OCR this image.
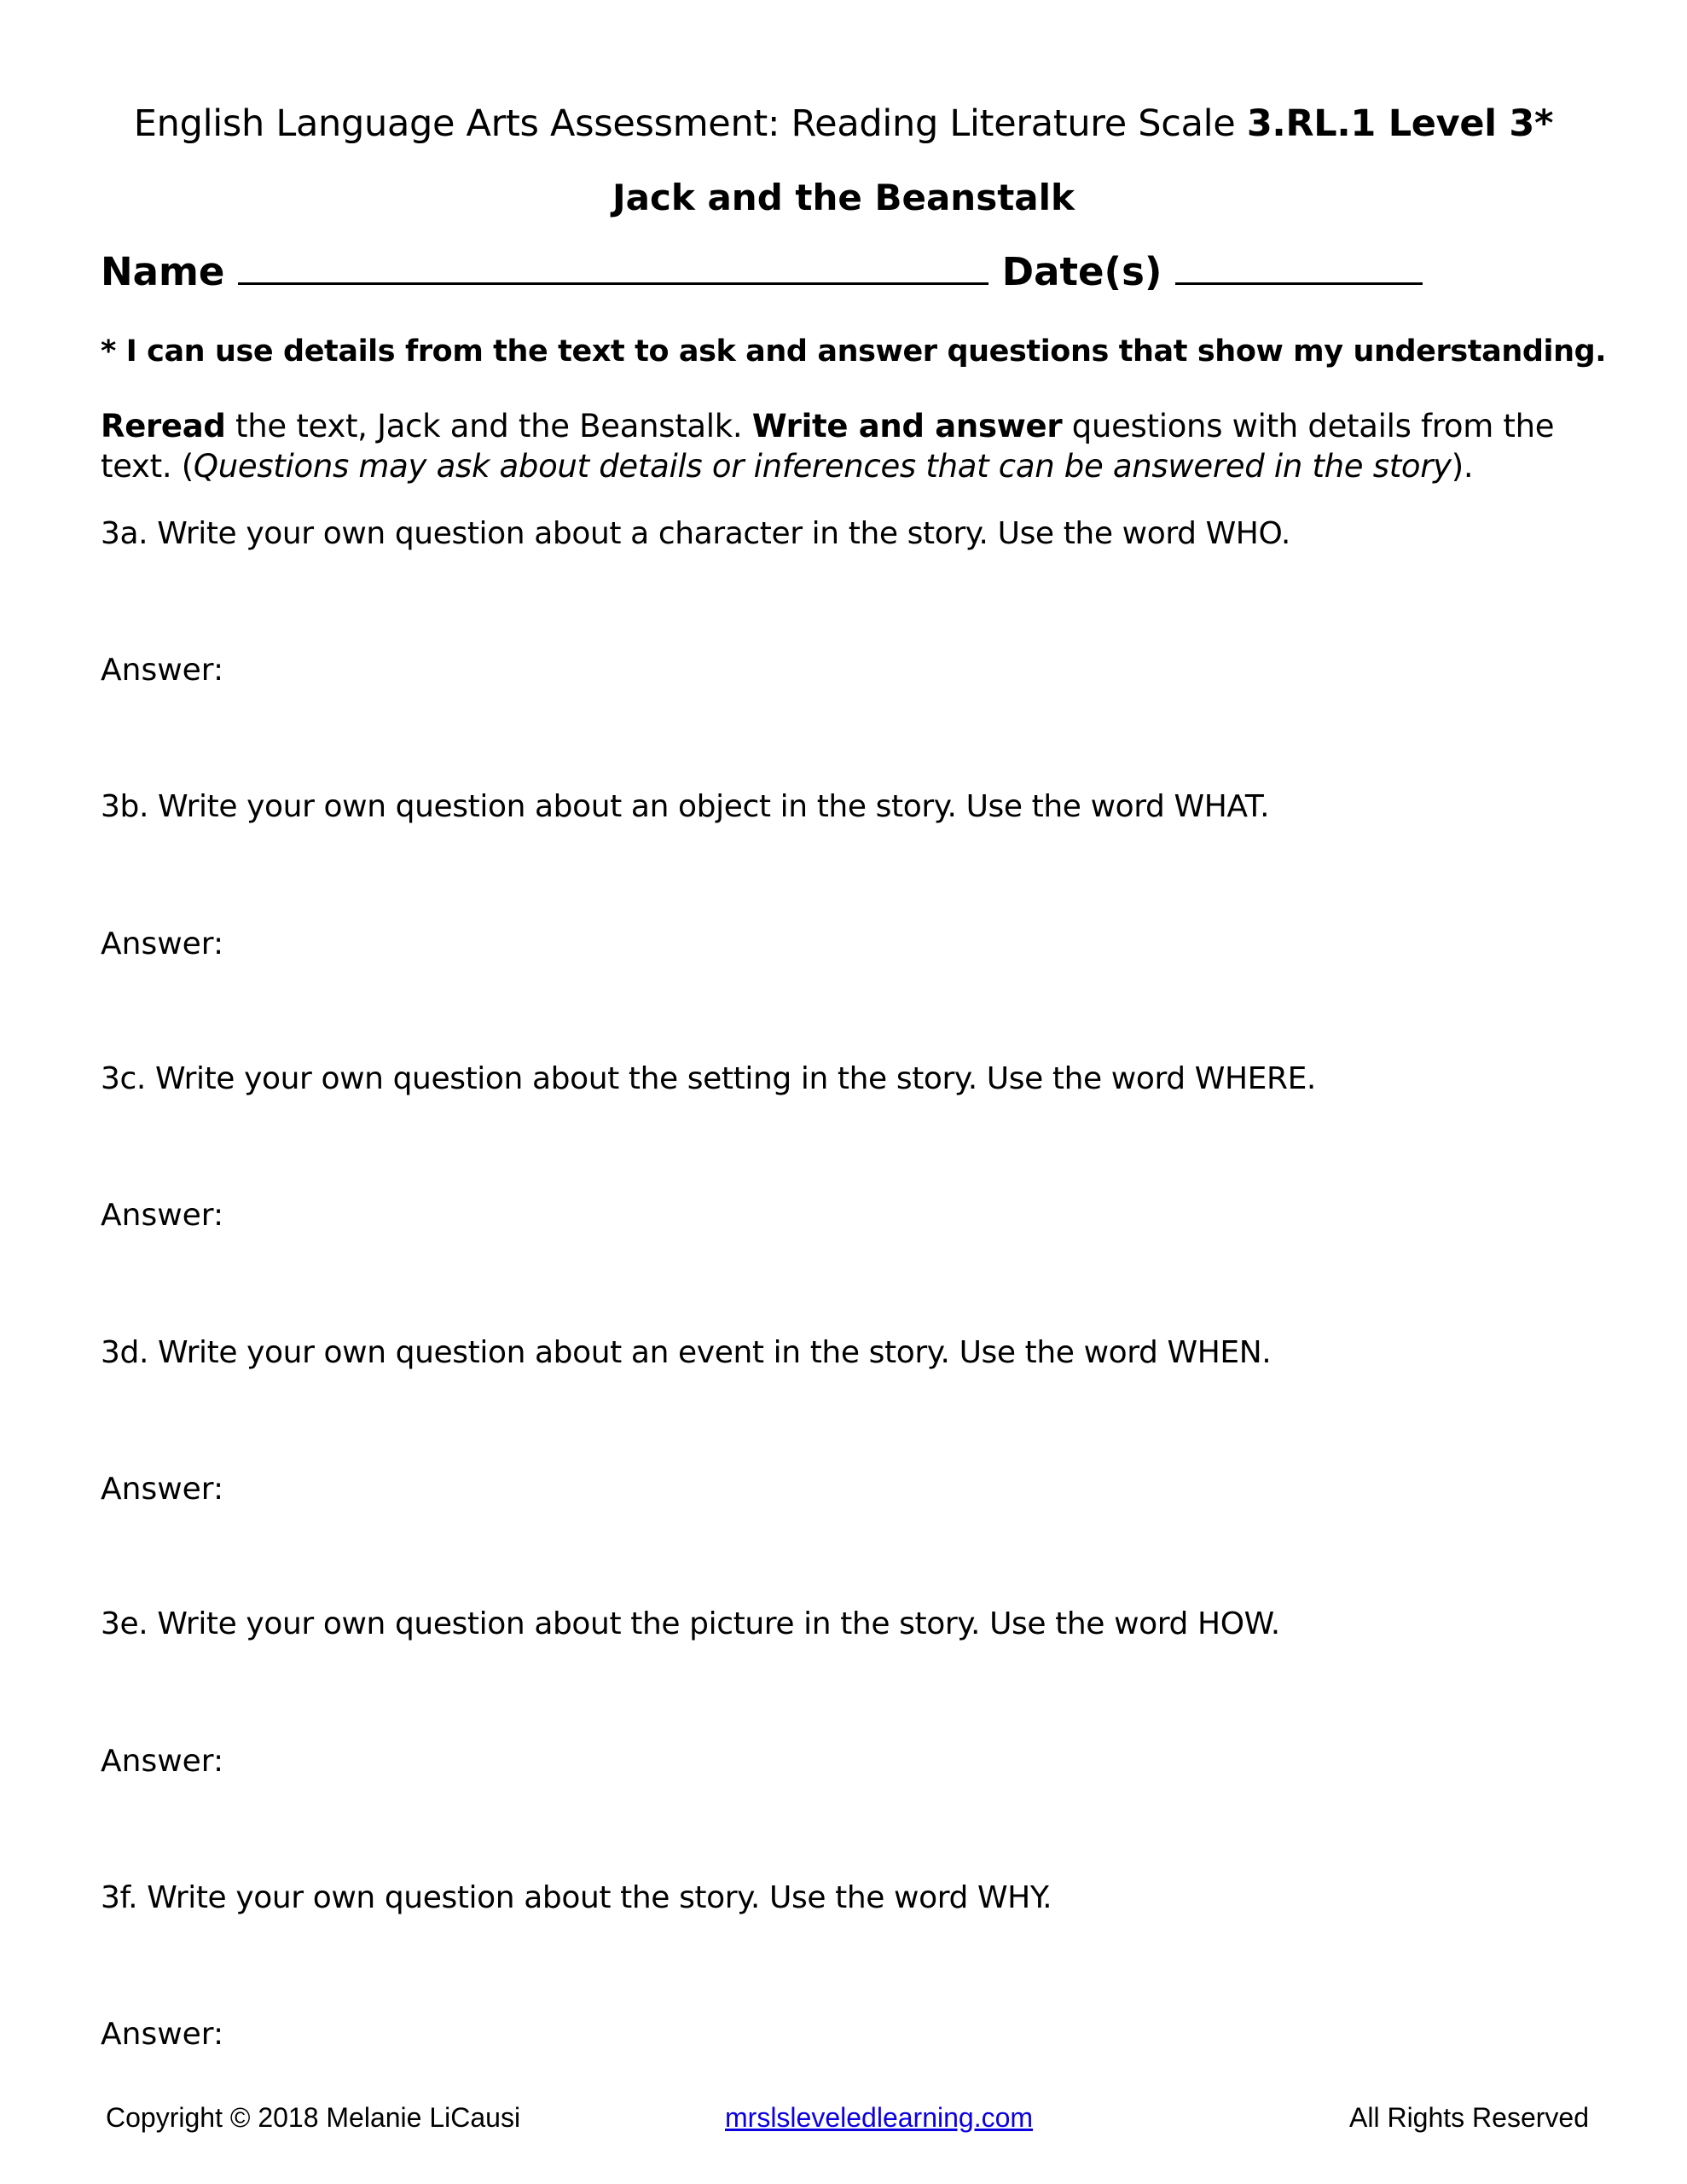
English Language Arts Assessment: Reading Literature Scale 3.RL.1 Level 3*
Jack and the Beanstalk
Name	Date(s)
* I can use details from the text to ask and answer questions that show my understanding.
Reread the text, Jack and the Beanstalk. Write and answer questions with details from the
text. (Questions may ask about details or inferences that can be answered in the story).
3a. Write your own question about a character in the story. Use the word WHO.
Answer:
3b. Write your own question about an object in the story. Use the word WHAT.
Answer:
3c. Write your own question about the setting in the story. Use the word WHERE.
Answer:
3d. Write your own question about an event in the story. Use the word WHEN.
Answer:
3e. Write your own question about the picture in the story. Use the word HOW.
Answer:
3f. Write your own question about the story. Use the word WHY.
Answer:
Copyright © 2018 Melanie LiCausi	mrslsleveledlearning.com	All Rights Reserved
